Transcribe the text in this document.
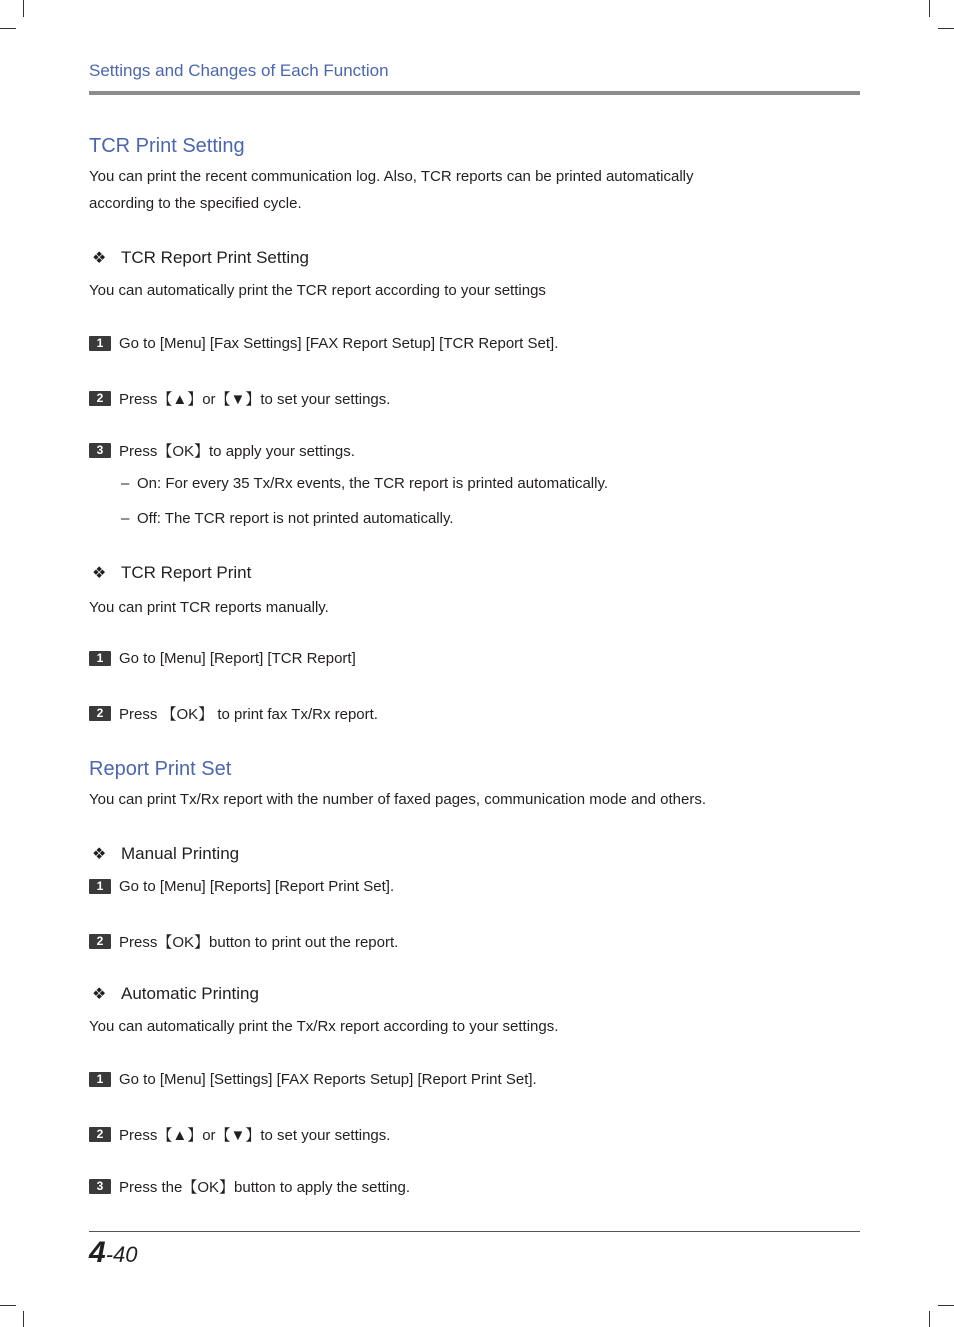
Settings and Changes of Each Function
TCR Print Setting
You can print the recent communication log. Also, TCR reports can be printed automatically
according to the specified cycle.
❖ TCR Report Print Setting
You can automatically print the TCR report according to your settings
1	Go to [Menu] [Fax Settings] [FAX Report Setup] [TCR Report Set].
2	Press【▲】or【▼】to set your settings.
3	Press【OK】to apply your settings.
– On: For every 35 Tx/Rx events, the TCR report is printed automatically.
– Off: The TCR report is not printed automatically.
❖ TCR Report Print
You can print TCR reports manually.
1	Go to [Menu] [Report] [TCR Report]
2	Press 【OK】 to print fax Tx/Rx report.
Report Print Set
You can print Tx/Rx report with the number of faxed pages, communication mode and others.
❖ Manual Printing
1	Go to [Menu] [Reports] [Report Print Set].
2	Press【OK】button to print out the report.
❖ Automatic Printing
You can automatically print the Tx/Rx report according to your settings.
1	Go to [Menu] [Settings] [FAX Reports Setup] [Report Print Set].
2	Press【▲】or【▼】to set your settings.
3	Press the【OK】button to apply the setting.
4-40
